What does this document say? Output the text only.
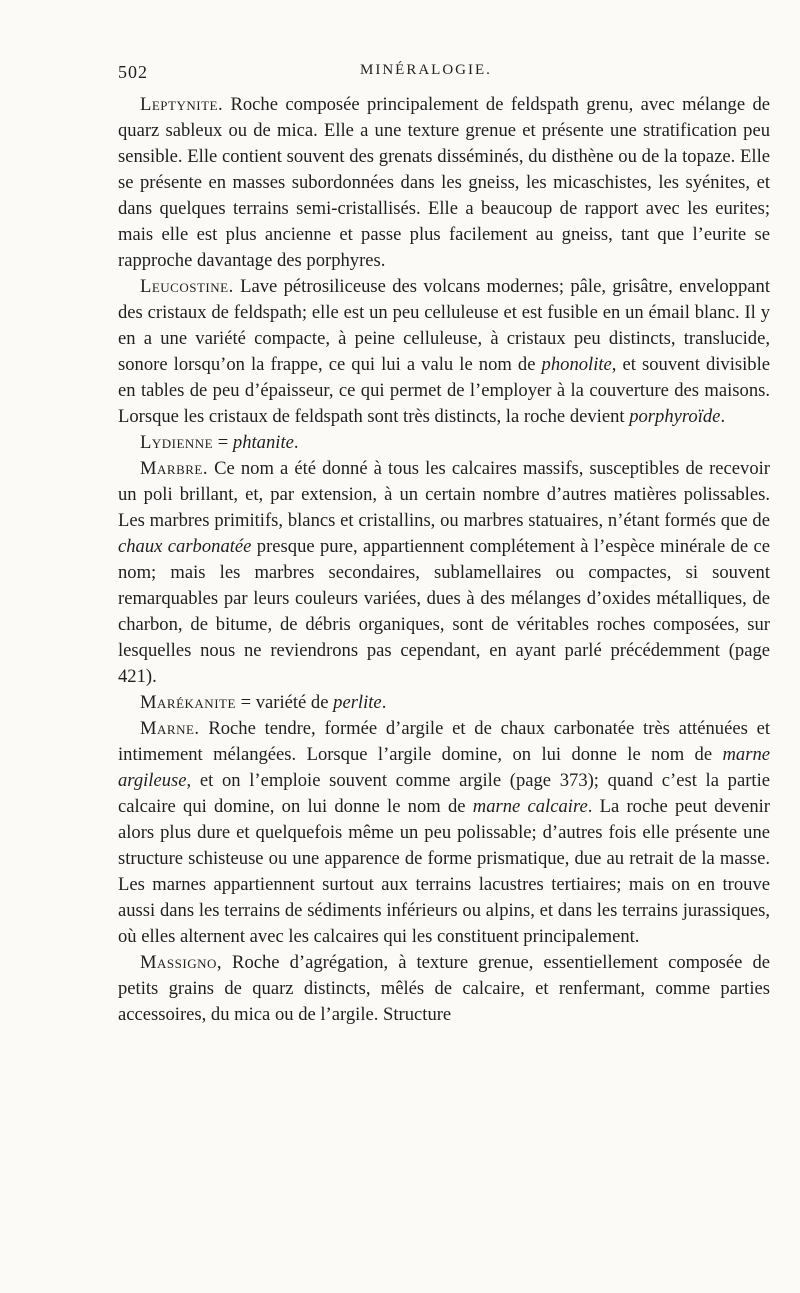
502	MINÉRALOGIE.

Leptynite. Roche composée principalement de feldspath grenu, avec mélange de quarz sableux ou de mica. Elle a une texture grenue et présente une stratification peu sensible. Elle contient souvent des grenats disséminés, du disthène ou de la topaze. Elle se présente en masses subordonnées dans les gneiss, les micaschistes, les syénites, et dans quelques terrains semi-cristallisés. Elle a beaucoup de rapport avec les eurites; mais elle est plus ancienne et passe plus facilement au gneiss, tant que l’eurite se rapproche davantage des porphyres.

Leucostine. Lave pétrosiliceuse des volcans modernes; pâle, grisâtre, enveloppant des cristaux de feldspath; elle est un peu celluleuse et est fusible en un émail blanc. Il y en a une variété compacte, à peine celluleuse, à cristaux peu distincts, translucide, sonore lorsqu’on la frappe, ce qui lui a valu le nom de phonolite, et souvent divisible en tables de peu d’épaisseur, ce qui permet de l’employer à la couverture des maisons. Lorsque les cristaux de feldspath sont très distincts, la roche devient porphyroïde.

Lydienne = phtanite.

Marbre. Ce nom a été donné à tous les calcaires massifs, susceptibles de recevoir un poli brillant, et, par extension, à un certain nombre d’autres matières polissables. Les marbres primitifs, blancs et cristallins, ou marbres statuaires, n’étant formés que de chaux carbonatée presque pure, appartiennent complétement à l’espèce minérale de ce nom; mais les marbres secondaires, sublamellaires ou compactes, si souvent remarquables par leurs couleurs variées, dues à des mélanges d’oxides métalliques, de charbon, de bitume, de débris organiques, sont de véritables roches composées, sur lesquelles nous ne reviendrons pas cependant, en ayant parlé précédemment (page 421).

Marékanite = variété de perlite.

Marne. Roche tendre, formée d’argile et de chaux carbonatée très atténuées et intimement mélangées. Lorsque l’argile domine, on lui donne le nom de marne argileuse, et on l’emploie souvent comme argile (page 373); quand c’est la partie calcaire qui domine, on lui donne le nom de marne calcaire. La roche peut devenir alors plus dure et quelquefois même un peu polissable; d’autres fois elle présente une structure schisteuse ou une apparence de forme prismatique, due au retrait de la masse. Les marnes appartiennent surtout aux terrains lacustres tertiaires; mais on en trouve aussi dans les terrains de sédiments inférieurs ou alpins, et dans les terrains jurassiques, où elles alternent avec les calcaires qui les constituent principalement.

Massigno, Roche d’agrégation, à texture grenue, essentiellement composée de petits grains de quarz distincts, mêlés de calcaire, et renfermant, comme parties accessoires, du mica ou de l’argile. Structure
